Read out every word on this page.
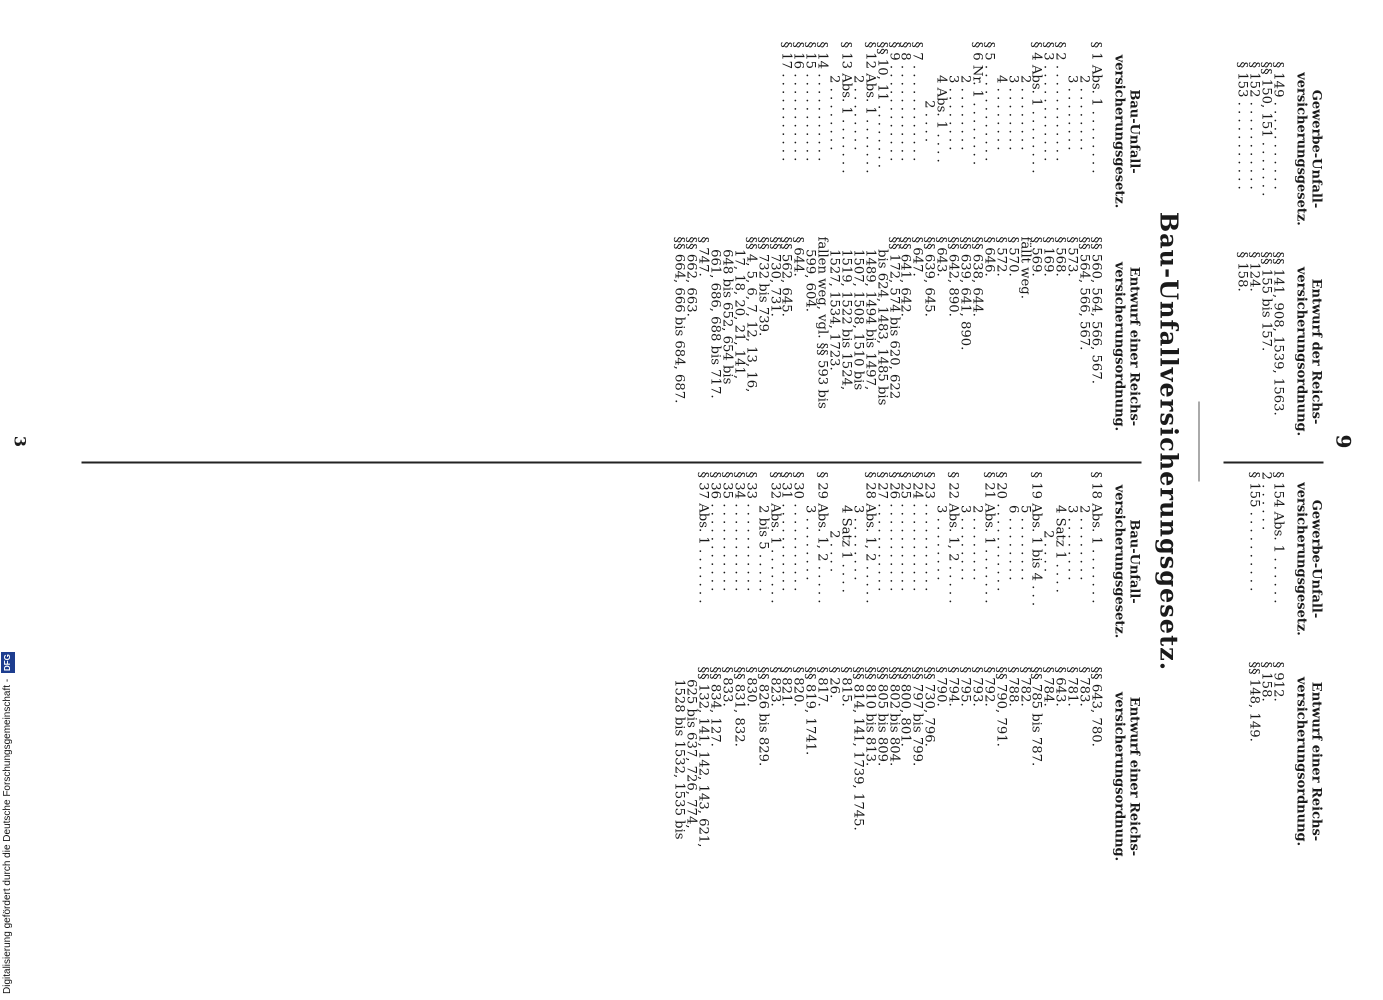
9
Gewerbe-Unfall-
versicherungsgesetz.
Entwurf der Reichs-
versicherungsordnung.
§ 149 . . . . . . . . . . .
§§ 150, 151 . . . . . . .
§ 152 . . . . . . . . . . .
§ 153 . . . . . . . . . . .
§§ 141, 908, 1539, 1563.
§§ 155 bis 157.
§ 124.
§ 158.
Gewerbe-Unfall-
versicherungsgesetz.
Entwurf einer Reichs-
versicherungsordnung.
§ 154 Abs. 1 . . . . . .
2 . . . . . .
§ 155 . . . . . . . . . .
§ 912.
§ 158.
§§ 148, 149.
Bau-Unfallversicherungsgesetz.
Bau-Unfall-
versicherungsgesetz.
Entwurf einer Reichs-
versicherungsordnung.
§ 1 Abs. 1 . . . . . . . .
2 . . . . . . . .
3 . . . . . . . .
§ 2 . . . . . . . . . . . .
§ 3 . . . . . . . . . . . .
§ 4 Abs. 1 . . . . . . . .
2 . . . . . . . .
3 . . . . . . . .
4 . . . . . . . .
§ 5 . . . . . . . . . . . .
§ 6 Nr. 1 . . . . . . . .
2 . . . . . . . .
3 . . . . . . . .
4 Abs. 1 . . . .
2 . . . .
§ 7 . . . . . . . . . . . .
§ 8 . . . . . . . . . . . .
§ 9 . . . . . . . . . . . .
§§ 10, 11 . . . . . . . .
§ 12 Abs. 1 . . . . . . .
2 . . . . . . . .
§ 13 Abs. 1 . . . . . . .
2 . . . . . . . .
§ 14 . . . . . . . . . . .
§ 15 . . . . . . . . . . .
§ 16 . . . . . . . . . . .
§ 17 . . . . . . . . . . .
§§ 560, 564, 566, 567.
§§ 564, 566, 567.
§ 573.
§ 568.
§ 169.
§ 569.
fällt weg.
§ 570.
§ 572.
§ 646.
§§ 638, 644.
§§ 639, 641, 890.
§§ 642, 890.
§ 643.
§§ 639, 645.
§ 647.
§§ 641, 642.
§§ 172, 574 bis 620, 622
bis 624, 1483, 1485 bis
1489, 1494 bis 1497,
1507, 1508, 1510 bis
1519, 1522 bis 1524,
1527, 1534, 1723.
fallen weg, vgl. §§ 593 bis
599, 604.
§ 644.
§§ 562, 645.
§§ 730, 731.
§§ 732 bis 739.
§§ 4, 5, 6, 7, 12, 13, 16,
17, 18, 20, 21, 141,
648 bis 652, 654 bis
661, 686, 688 bis 717.
§ 747.
§§ 662, 663.
§§ 664, 666 bis 684, 687.
Bau-Unfall-
versicherungsgesetz.
Entwurf einer Reichs-
versicherungsordnung.
§ 18 Abs. 1 . . . . . . .
2 . . . . . . . .
3 . . . . . . . .
4 Satz 1 . . . .
2 . . . .
§ 19 Abs. 1 bis 4 . . .
5 . . . . . . . .
6 . . . . . . . .
§ 20 . . . . . . . . . . .
§ 21 Abs. 1 . . . . . . .
2 . . . . . . . .
3 . . . . . . . .
§ 22 Abs. 1, 2 . . . . .
3 . . . . . . . .
§ 23 . . . . . . . . . . .
§ 24 . . . . . . . . . . .
§ 25 . . . . . . . . . . .
§ 26 . . . . . . . . . . .
§ 27 . . . . . . . . . . .
§ 28 Abs. 1, 2 . . . . .
3 . . . . . . . .
4 Satz 1 . . . .
2 . . . .
§ 29 Abs. 1, 2 . . . . .
3 . . . . . . . .
§ 30 . . . . . . . . . . .
§ 31 . . . . . . . . . . .
§ 32 Abs. 1 . . . . . . .
2 bis 5 . . . . .
§ 33 . . . . . . . . . . .
§ 34 . . . . . . . . . . .
§ 35 . . . . . . . . . . .
§ 36 . . . . . . . . . . .
§ 37 Abs. 1 . . . . . . .
§§ 643, 780.
§ 783.
§ 781.
§ 643.
§ 784.
§§ 785 bis 787.
§ 782.
§ 788.
§§ 790, 791.
§ 792.
§ 793.
§ 795.
§ 794.
§ 790.
§§ 730, 796.
§§ 797 bis 799.
§§ 800, 801.
§§ 802 bis 804.
§§ 805 bis 809.
§§ 810 bis 813.
§§ 814, 141, 1739, 1745.
§ 815.
§ 26.
§ 817.
§§ 819, 1741.
§ 820.
§ 821.
§ 823.
§§ 826 bis 829.
§ 830.
§§ 831, 832.
§ 833.
§§ 834, 127.
§§ 132, 141, 142, 143, 621,
625 bis 637, 726, 774,
1528 bis 1532, 1535 bis
3
Digitalisierung gefördert durch die Deutsche Forschungsgemeinschaft - DFG
